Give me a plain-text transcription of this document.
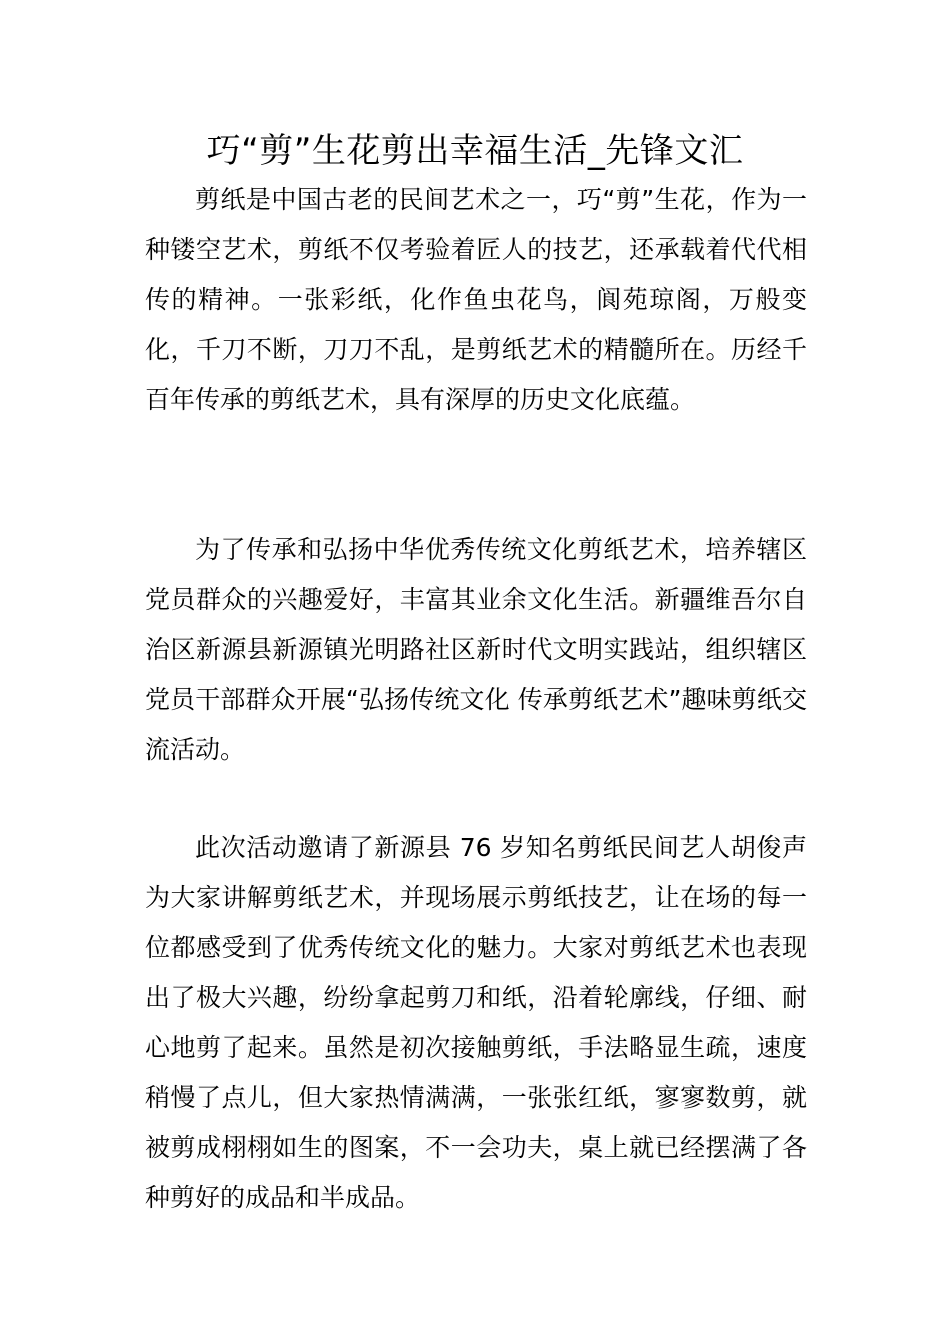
巧“剪”生花剪出幸福生活_先锋文汇

剪纸是中国古老的民间艺术之一，巧“剪”生花，作为一种镂空艺术，剪纸不仅考验着匠人的技艺，还承载着代代相传的精神。一张彩纸，化作鱼虫花鸟，阆苑琼阁，万般变化，千刀不断，刀刀不乱，是剪纸艺术的精髓所在。历经千百年传承的剪纸艺术，具有深厚的历史文化底蕴。

为了传承和弘扬中华优秀传统文化剪纸艺术，培养辖区党员群众的兴趣爱好，丰富其业余文化生活。新疆维吾尔自治区新源县新源镇光明路社区新时代文明实践站，组织辖区党员干部群众开展“弘扬传统文化 传承剪纸艺术”趣味剪纸交流活动。

此次活动邀请了新源县 76 岁知名剪纸民间艺人胡俊声为大家讲解剪纸艺术，并现场展示剪纸技艺，让在场的每一位都感受到了优秀传统文化的魅力。大家对剪纸艺术也表现出了极大兴趣，纷纷拿起剪刀和纸，沿着轮廓线，仔细、耐心地剪了起来。虽然是初次接触剪纸，手法略显生疏，速度稍慢了点儿，但大家热情满满，一张张红纸，寥寥数剪，就被剪成栩栩如生的图案，不一会功夫，桌上就已经摆满了各种剪好的成品和半成品。
